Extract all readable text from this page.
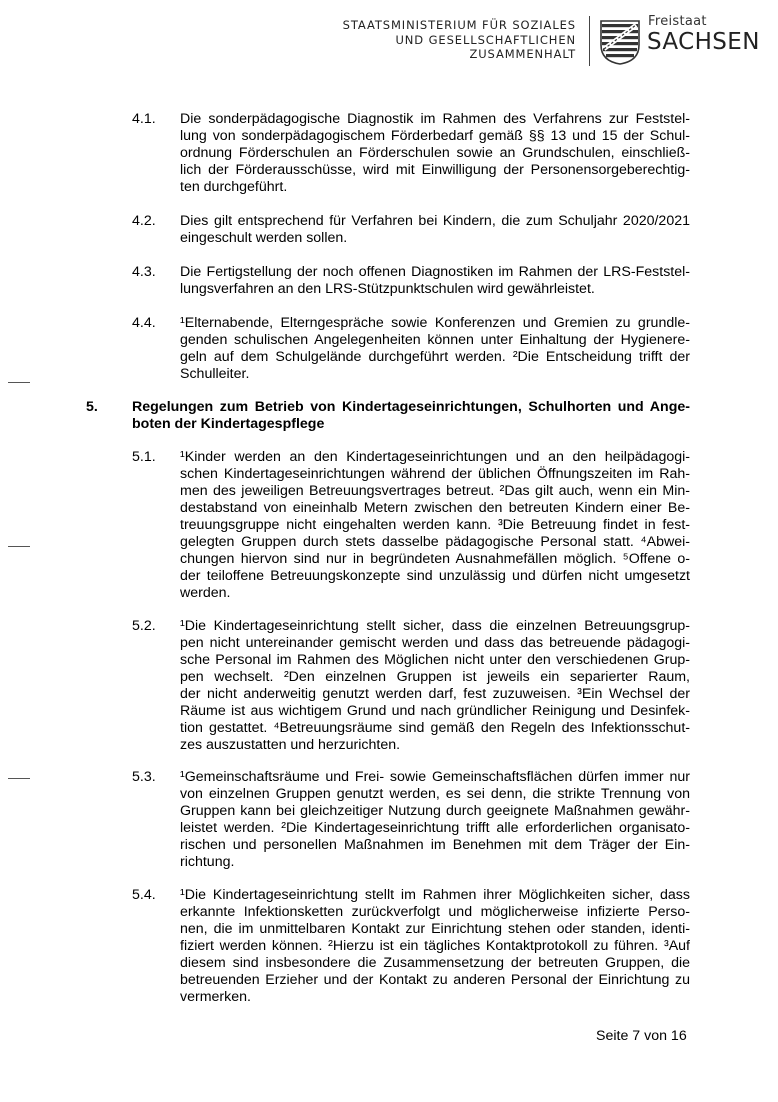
STAATSMINISTERIUM FÜR SOZIALES
UND GESELLSCHAFTLICHEN
ZUSAMMENHALT
Freistaat
SACHSEN
4.1. Die sonderpädagogische Diagnostik im Rahmen des Verfahrens zur Feststel-
lung von sonderpädagogischem Förderbedarf gemäß §§ 13 und 15 der Schul-
ordnung Förderschulen an Förderschulen sowie an Grundschulen, einschließ-
lich der Förderausschüsse, wird mit Einwilligung der Personensorgeberechtig-
ten durchgeführt.
4.2. Dies gilt entsprechend für Verfahren bei Kindern, die zum Schuljahr 2020/2021
eingeschult werden sollen.
4.3. Die Fertigstellung der noch offenen Diagnostiken im Rahmen der LRS-Feststel-
lungsverfahren an den LRS-Stützpunktschulen wird gewährleistet.
4.4. ¹Elternabende, Elterngespräche sowie Konferenzen und Gremien zu grundle-
genden schulischen Angelegenheiten können unter Einhaltung der Hygienere-
geln auf dem Schulgelände durchgeführt werden. ²Die Entscheidung trifft der
Schulleiter.
5. Regelungen zum Betrieb von Kindertageseinrichtungen, Schulhorten und Ange-
boten der Kindertagespflege
5.1. ¹Kinder werden an den Kindertageseinrichtungen und an den heilpädagogi-
schen Kindertageseinrichtungen während der üblichen Öffnungszeiten im Rah-
men des jeweiligen Betreuungsvertrages betreut. ²Das gilt auch, wenn ein Min-
destabstand von eineinhalb Metern zwischen den betreuten Kindern einer Be-
treuungsgruppe nicht eingehalten werden kann. ³Die Betreuung findet in fest-
gelegten Gruppen durch stets dasselbe pädagogische Personal statt. ⁴Abwei-
chungen hiervon sind nur in begründeten Ausnahmefällen möglich. ⁵Offene o-
der teiloffene Betreuungskonzepte sind unzulässig und dürfen nicht umgesetzt
werden.
5.2. ¹Die Kindertageseinrichtung stellt sicher, dass die einzelnen Betreuungsgrup-
pen nicht untereinander gemischt werden und dass das betreuende pädagogi-
sche Personal im Rahmen des Möglichen nicht unter den verschiedenen Grup-
pen wechselt. ²Den einzelnen Gruppen ist jeweils ein separierter Raum,
der nicht anderweitig genutzt werden darf, fest zuzuweisen. ³Ein Wechsel der
Räume ist aus wichtigem Grund und nach gründlicher Reinigung und Desinfek-
tion gestattet. ⁴Betreuungsräume sind gemäß den Regeln des Infektionsschut-
zes auszustatten und herzurichten.
5.3. ¹Gemeinschaftsräume und Frei- sowie Gemeinschaftsflächen dürfen immer nur
von einzelnen Gruppen genutzt werden, es sei denn, die strikte Trennung von
Gruppen kann bei gleichzeitiger Nutzung durch geeignete Maßnahmen gewähr-
leistet werden. ²Die Kindertageseinrichtung trifft alle erforderlichen organisato-
rischen und personellen Maßnahmen im Benehmen mit dem Träger der Ein-
richtung.
5.4. ¹Die Kindertageseinrichtung stellt im Rahmen ihrer Möglichkeiten sicher, dass
erkannte Infektionsketten zurückverfolgt und möglicherweise infizierte Perso-
nen, die im unmittelbaren Kontakt zur Einrichtung stehen oder standen, identi-
fiziert werden können. ²Hierzu ist ein tägliches Kontaktprotokoll zu führen. ³Auf
diesem sind insbesondere die Zusammensetzung der betreuten Gruppen, die
betreuenden Erzieher und der Kontakt zu anderen Personal der Einrichtung zu
vermerken.
Seite 7 von 16
